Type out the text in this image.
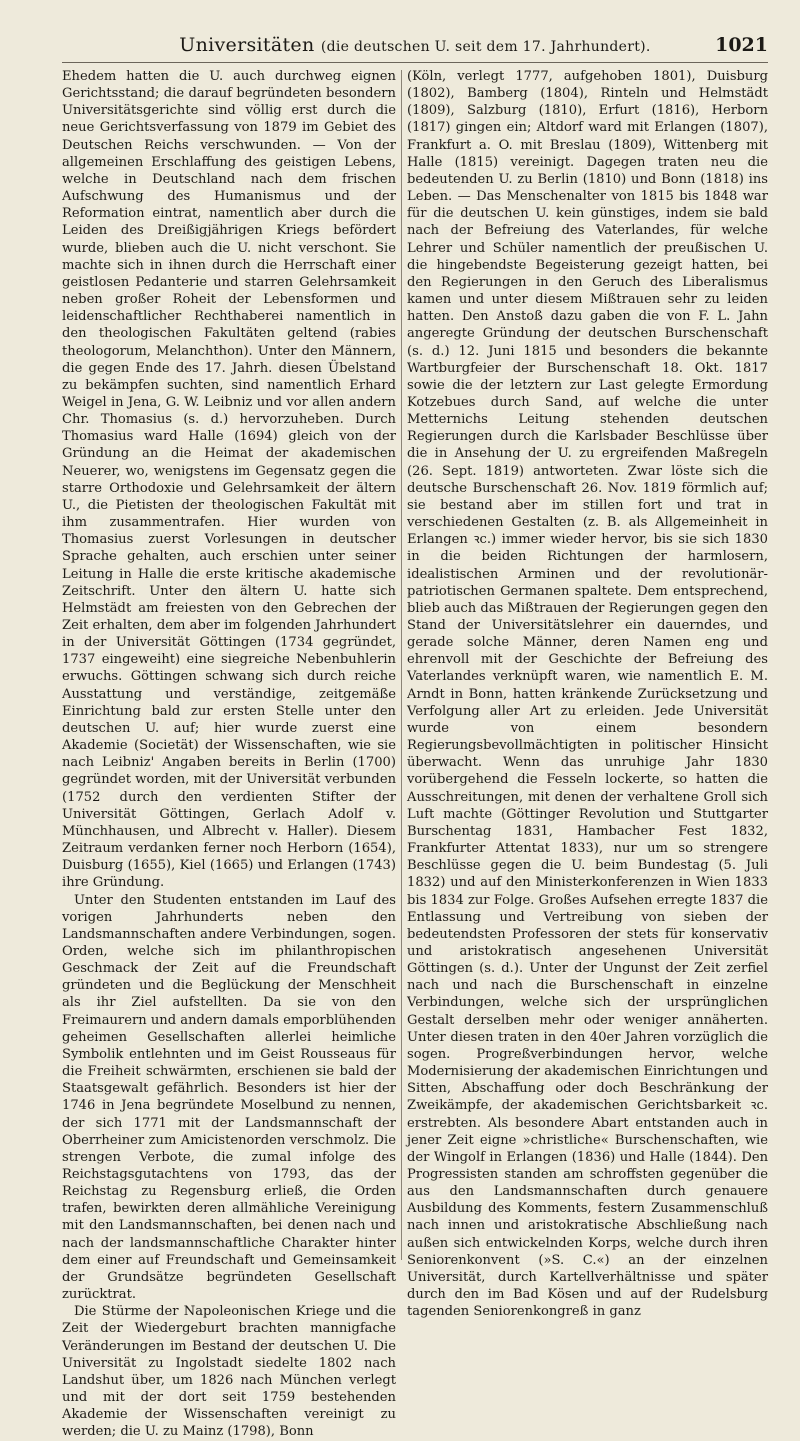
Universitäten (die deutschen U. seit dem 17. Jahrhundert).	1021

Ehedem hatten die U. auch durchweg eignen Gerichtsstand; die darauf begründeten besondern Universitätsgerichte sind völlig erst durch die neue Gerichtsverfassung von 1879 im Gebiet des Deutschen Reichs verschwunden. — Von der allgemeinen Erschlaffung des geistigen Lebens, welche in Deutschland nach dem frischen Aufschwung des Humanismus und der Reformation eintrat, namentlich aber durch die Leiden des Dreißigjährigen Kriegs befördert wurde, blieben auch die U. nicht verschont. Sie machte sich in ihnen durch die Herrschaft einer geistlosen Pedanterie und starren Gelehrsamkeit neben großer Roheit der Lebensformen und leidenschaftlicher Rechthaberei namentlich in den theologischen Fakultäten geltend (rabies theologorum, Melanchthon). Unter den Männern, die gegen Ende des 17. Jahrh. diesen Übelstand zu bekämpfen suchten, sind namentlich Erhard Weigel in Jena, G. W. Leibniz und vor allen andern Chr. Thomasius (s. d.) hervorzuheben. Durch Thomasius ward Halle (1694) gleich von der Gründung an die Heimat der akademischen Neuerer, wo, wenigstens im Gegensatz gegen die starre Orthodoxie und Gelehrsamkeit der ältern U., die Pietisten der theologischen Fakultät mit ihm zusammentrafen. Hier wurden von Thomasius zuerst Vorlesungen in deutscher Sprache gehalten, auch erschien unter seiner Leitung in Halle die erste kritische akademische Zeitschrift. Unter den ältern U. hatte sich Helmstädt am freiesten von den Gebrechen der Zeit erhalten, dem aber im folgenden Jahrhundert in der Universität Göttingen (1734 gegründet, 1737 eingeweiht) eine siegreiche Nebenbuhlerin erwuchs. Göttingen schwang sich durch reiche Ausstattung und verständige, zeitgemäße Einrichtung bald zur ersten Stelle unter den deutschen U. auf; hier wurde zuerst eine Akademie (Societät) der Wissenschaften, wie sie nach Leibniz' Angaben bereits in Berlin (1700) gegründet worden, mit der Universität verbunden (1752 durch den verdienten Stifter der Universität Göttingen, Gerlach Adolf v. Münchhausen, und Albrecht v. Haller). Diesem Zeitraum verdanken ferner noch Herborn (1654), Duisburg (1655), Kiel (1665) und Erlangen (1743) ihre Gründung.

Unter den Studenten entstanden im Lauf des vorigen Jahrhunderts neben den Landsmannschaften andere Verbindungen, sogen. Orden, welche sich im philanthropischen Geschmack der Zeit auf die Freundschaft gründeten und die Beglückung der Menschheit als ihr Ziel aufstellten. Da sie von den Freimaurern und andern damals emporblühenden geheimen Gesellschaften allerlei heimliche Symbolik entlehnten und im Geist Rousseaus für die Freiheit schwärmten, erschienen sie bald der Staatsgewalt gefährlich. Besonders ist hier der 1746 in Jena begründete Moselbund zu nennen, der sich 1771 mit der Landsmannschaft der Oberrheiner zum Amicistenorden verschmolz. Die strengen Verbote, die zumal infolge des Reichstagsgutachtens von 1793, das der Reichstag zu Regensburg erließ, die Orden trafen, bewirkten deren allmähliche Vereinigung mit den Landsmannschaften, bei denen nach und nach der landsmannschaftliche Charakter hinter dem einer auf Freundschaft und Gemeinsamkeit der Grundsätze begründeten Gesellschaft zurücktrat.

Die Stürme der Napoleonischen Kriege und die Zeit der Wiedergeburt brachten mannigfache Veränderungen im Bestand der deutschen U. Die Universität zu Ingolstadt siedelte 1802 nach Landshut über, um 1826 nach München verlegt und mit der dort seit 1759 bestehenden Akademie der Wissenschaften vereinigt zu werden; die U. zu Mainz (1798), Bonn

(Köln, verlegt 1777, aufgehoben 1801), Duisburg (1802), Bamberg (1804), Rinteln und Helmstädt (1809), Salzburg (1810), Erfurt (1816), Herborn (1817) gingen ein; Altdorf ward mit Erlangen (1807), Frankfurt a. O. mit Breslau (1809), Wittenberg mit Halle (1815) vereinigt. Dagegen traten neu die bedeutenden U. zu Berlin (1810) und Bonn (1818) ins Leben. — Das Menschenalter von 1815 bis 1848 war für die deutschen U. kein günstiges, indem sie bald nach der Befreiung des Vaterlandes, für welche Lehrer und Schüler namentlich der preußischen U. die hingebendste Begeisterung gezeigt hatten, bei den Regierungen in den Geruch des Liberalismus kamen und unter diesem Mißtrauen sehr zu leiden hatten. Den Anstoß dazu gaben die von F. L. Jahn angeregte Gründung der deutschen Burschenschaft (s. d.) 12. Juni 1815 und besonders die bekannte Wartburgfeier der Burschenschaft 18. Okt. 1817 sowie die der letztern zur Last gelegte Ermordung Kotzebues durch Sand, auf welche die unter Metternichs Leitung stehenden deutschen Regierungen durch die Karlsbader Beschlüsse über die in Ansehung der U. zu ergreifenden Maßregeln (26. Sept. 1819) antworteten. Zwar löste sich die deutsche Burschenschaft 26. Nov. 1819 förmlich auf; sie bestand aber im stillen fort und trat in verschiedenen Gestalten (z. B. als Allgemeinheit in Erlangen ꝛc.) immer wieder hervor, bis sie sich 1830 in die beiden Richtungen der harmlosern, idealistischen Arminen und der revolutionär-patriotischen Germanen spaltete. Dem entsprechend, blieb auch das Mißtrauen der Regierungen gegen den Stand der Universitätslehrer ein dauerndes, und gerade solche Männer, deren Namen eng und ehrenvoll mit der Geschichte der Befreiung des Vaterlandes verknüpft waren, wie namentlich E. M. Arndt in Bonn, hatten kränkende Zurücksetzung und Verfolgung aller Art zu erleiden. Jede Universität wurde von einem besondern Regierungsbevollmächtigten in politischer Hinsicht überwacht. Wenn das unruhige Jahr 1830 vorübergehend die Fesseln lockerte, so hatten die Ausschreitungen, mit denen der verhaltene Groll sich Luft machte (Göttinger Revolution und Stuttgarter Burschentag 1831, Hambacher Fest 1832, Frankfurter Attentat 1833), nur um so strengere Beschlüsse gegen die U. beim Bundestag (5. Juli 1832) und auf den Ministerkonferenzen in Wien 1833 bis 1834 zur Folge. Großes Aufsehen erregte 1837 die Entlassung und Vertreibung von sieben der bedeutendsten Professoren der stets für konservativ und aristokratisch angesehenen Universität Göttingen (s. d.). Unter der Ungunst der Zeit zerfiel nach und nach die Burschenschaft in einzelne Verbindungen, welche sich der ursprünglichen Gestalt derselben mehr oder weniger annäherten. Unter diesen traten in den 40er Jahren vorzüglich die sogen. Progreßverbindungen hervor, welche Modernisierung der akademischen Einrichtungen und Sitten, Abschaffung oder doch Beschränkung der Zweikämpfe, der akademischen Gerichtsbarkeit ꝛc. erstrebten. Als besondere Abart entstanden auch in jener Zeit eigne »christliche« Burschenschaften, wie der Wingolf in Erlangen (1836) und Halle (1844). Den Progressisten standen am schroffsten gegenüber die aus den Landsmannschaften durch genauere Ausbildung des Komments, festern Zusammenschluß nach innen und aristokratische Abschließung nach außen sich entwickelnden Korps, welche durch ihren Seniorenkonvent (»S. C.«) an der einzelnen Universität, durch Kartellverhältnisse und später durch den im Bad Kösen und auf der Rudelsburg tagenden Seniorenkongreß in ganz
